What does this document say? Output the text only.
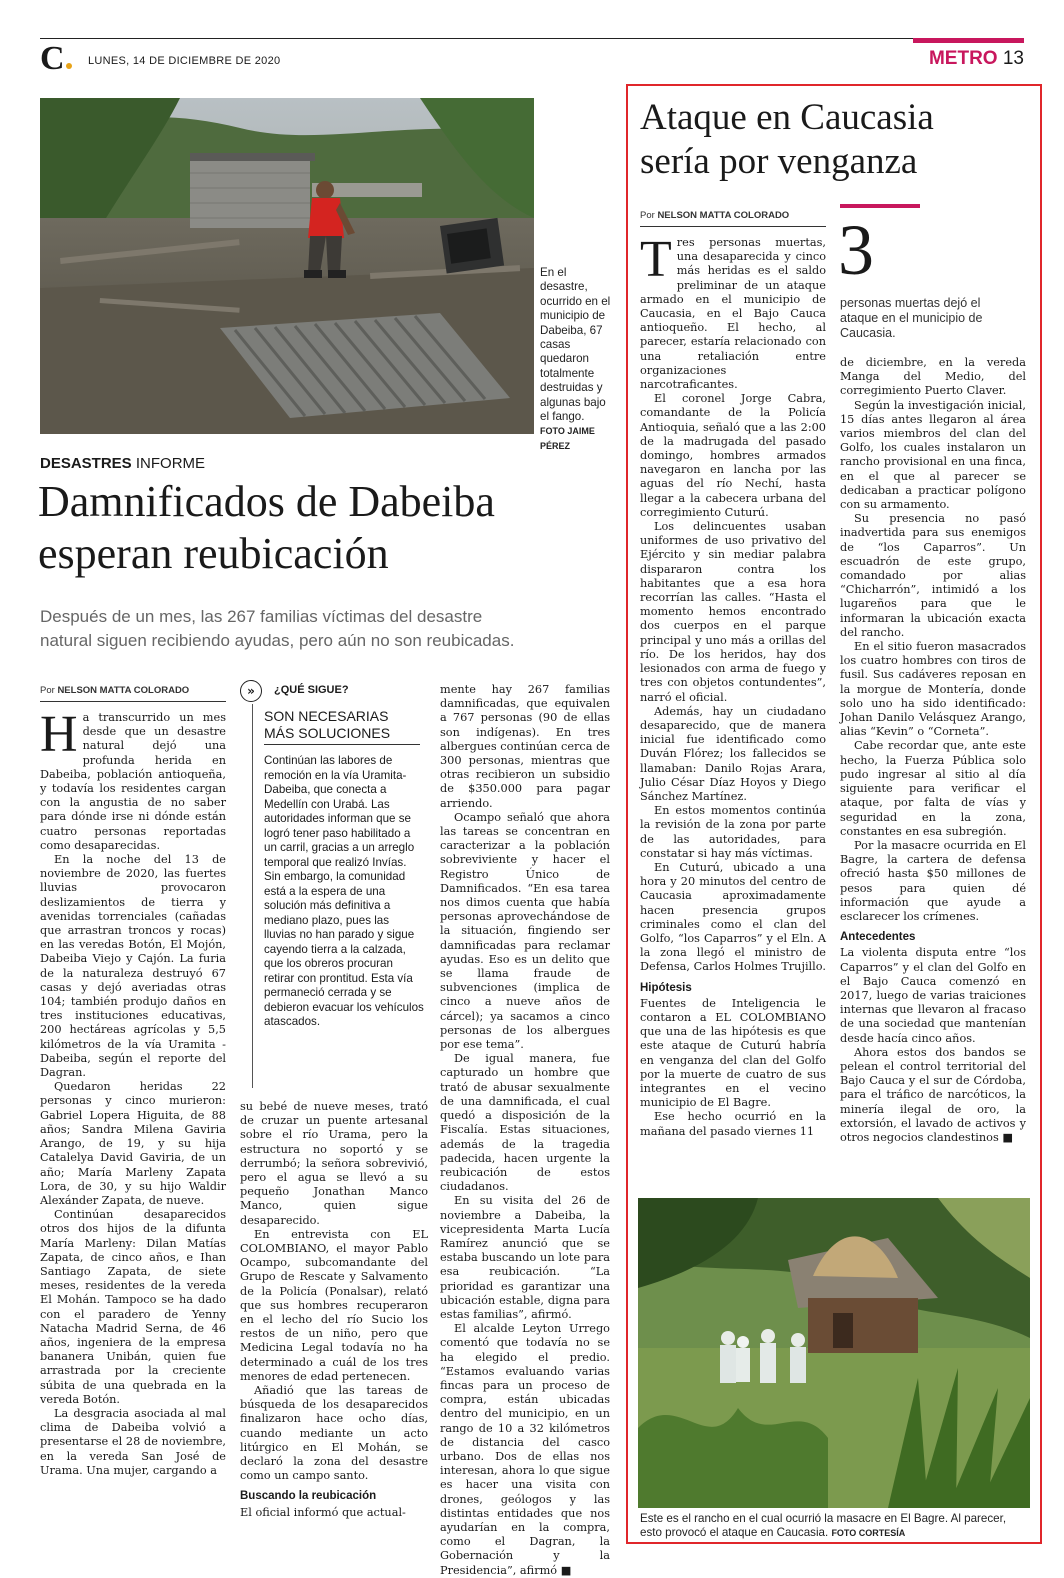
C	LUNES, 14 DE DICIEMBRE DE 2020	METRO 13
En el desastre, ocurrido en el municipio de Dabeiba, 67 casas quedaron totalmente destruidas y algunas bajo el fango. FOTO JAIME PÉREZ
DESASTRES INFORME
Damnificados de Dabeiba
esperan reubicación
Después de un mes, las 267 familias víctimas del desastre
natural siguen recibiendo ayudas, pero aún no son reubicadas.
Por NELSON MATTA COLORADO

Ha transcurrido un mes desde que un desastre natural dejó una profunda herida en Dabeiba, población antioqueña, y todavía los residentes cargan con la angustia de no saber para dónde irse ni dónde están cuatro personas reportadas como desaparecidas.

En la noche del 13 de noviembre de 2020, las fuertes lluvias provocaron deslizamientos de tierra y avenidas torrenciales (cañadas que arrastran troncos y rocas) en las veredas Botón, El Mojón, Dabeiba Viejo y Cajón. La furia de la naturaleza destruyó 67 casas y dejó averiadas otras 104; también produjo daños en tres instituciones educativas, 200 hectáreas agrícolas y 5,5 kilómetros de la vía Uramita - Dabeiba, según el reporte del Dagran.

Quedaron heridas 22 personas y cinco murieron: Gabriel Lopera Higuita, de 88 años; Sandra Milena Gaviria Arango, de 19, y su hija Catalelya David Gaviria, de un año; María Marleny Zapata Lora, de 30, y su hijo Waldir Alexánder Zapata, de nueve.

Continúan desaparecidos otros dos hijos de la difunta María Marleny: Dilan Matías Zapata, de cinco años, e Ihan Santiago Zapata, de siete meses, residentes de la vereda El Mohán. Tampoco se ha dado con el paradero de Yenny Natacha Madrid Serna, de 46 años, ingeniera de la empresa bananera Unibán, quien fue arrastrada por la creciente súbita de una quebrada en la vereda Botón.

La desgracia asociada al mal clima de Dabeiba volvió a presentarse el 28 de noviembre, en la vereda San José de Urama. Una mujer, cargando a

»	¿QUÉ SIGUE?
SON NECESARIAS
MÁS SOLUCIONES
Continúan las labores de remoción en la vía Uramita-Dabeiba, que conecta a Medellín con Urabá. Las autoridades informan que se logró tener paso habilitado a un carril, gracias a un arreglo temporal que realizó Invías. Sin embargo, la comunidad está a la espera de una solución más definitiva a mediano plazo, pues las lluvias no han parado y sigue cayendo tierra a la calzada, que los obreros procuran retirar con prontitud. Esta vía permaneció cerrada y se debieron evacuar los vehículos atascados.

su bebé de nueve meses, trató de cruzar un puente artesanal sobre el río Urama, pero la estructura no soportó y se derrumbó; la señora sobrevivió, pero el agua se llevó a su pequeño Jonathan Manco Manco, quien sigue desaparecido.

En entrevista con EL COLOMBIANO, el mayor Pablo Ocampo, subcomandante del Grupo de Rescate y Salvamento de la Policía (Ponalsar), relató que sus hombres recuperaron en el lecho del río Sucio los restos de un niño, pero que Medicina Legal todavía no ha determinado a cuál de los tres menores de edad pertenecen.

Añadió que las tareas de búsqueda de los desaparecidos finalizaron hace ocho días, cuando mediante un acto litúrgico en El Mohán, se declaró la zona del desastre como un campo santo.

Buscando la reubicación

El oficial informó que actual-

mente hay 267 familias damnificadas, que equivalen a 767 personas (90 de ellas son indígenas). En tres albergues continúan cerca de 300 personas, mientras que otras recibieron un subsidio de $350.000 para pagar arriendo.

Ocampo señaló que ahora las tareas se concentran en caracterizar a la población sobreviviente y hacer el Registro Único de Damnificados. “En esa tarea nos dimos cuenta que había personas aprovechándose de la situación, fingiendo ser damnificadas para reclamar ayudas. Eso es un delito que se llama fraude de subvenciones (implica de cinco a nueve años de cárcel); ya sacamos a cinco personas de los albergues por ese tema”.

De igual manera, fue capturado un hombre que trató de abusar sexualmente de una damnificada, el cual quedó a disposición de la Fiscalía. Estas situaciones, además de la tragedia padecida, hacen urgente la reubicación de estos ciudadanos.

En su visita del 26 de noviembre a Dabeiba, la vicepresidenta Marta Lucía Ramírez anunció que se estaba buscando un lote para esa reubicación. “La prioridad es garantizar una ubicación estable, digna para estas familias”, afirmó.

El alcalde Leyton Urrego comentó que todavía no se ha elegido el predio. “Estamos evaluando varias fincas para un proceso de compra, están ubicadas dentro del municipio, en un rango de 10 a 32 kilómetros de distancia del casco urbano. Dos de ellas nos interesan, ahora lo que sigue es hacer una visita con drones, geólogos y las distintas entidades que nos ayudarían en la compra, como el Dagran, la Gobernación y la Presidencia”, afirmó ■

Ataque en Caucasia
sería por venganza
Por NELSON MATTA COLORADO 3
personas muertas dejó el ataque en el municipio de Caucasia.

Tres personas muertas, una desaparecida y cinco más heridas es el saldo preliminar de un ataque armado en el municipio de Caucasia, en el Bajo Cauca antioqueño. El hecho, al parecer, estaría relacionado con una retaliación entre organizaciones narcotraficantes.

El coronel Jorge Cabra, comandante de la Policía Antioquia, señaló que a las 2:00 de la madrugada del pasado domingo, hombres armados navegaron en lancha por las aguas del río Nechí, hasta llegar a la cabecera urbana del corregimiento Cuturú.

Los delincuentes usaban uniformes de uso privativo del Ejército y sin mediar palabra dispararon contra los habitantes que a esa hora recorrían las calles. “Hasta el momento hemos encontrado dos cuerpos en el parque principal y uno más a orillas del río. De los heridos, hay dos lesionados con arma de fuego y tres con objetos contundentes”, narró el oficial.

Además, hay un ciudadano desaparecido, que de manera inicial fue identificado como Duván Flórez; los fallecidos se llamaban: Danilo Rojas Arara, Julio César Díaz Hoyos y Diego Sánchez Martínez.

En estos momentos continúa la revisión de la zona por parte de las autoridades, para constatar si hay más víctimas.

En Cuturú, ubicado a una hora y 20 minutos del centro de Caucasia aproximadamente hacen presencia grupos criminales como el clan del Golfo, “los Caparros” y el Eln. A la zona llegó el ministro de Defensa, Carlos Holmes Trujillo.

Hipótesis

Fuentes de Inteligencia le contaron a EL COLOMBIANO que una de las hipótesis es que este ataque de Cuturú habría en venganza del clan del Golfo por la muerte de cuatro de sus integrantes en el vecino municipio de El Bagre.

Ese hecho ocurrió en la mañana del pasado viernes 11

de diciembre, en la vereda Manga del Medio, del corregimiento Puerto Claver.

Según la investigación inicial, 15 días antes llegaron al área varios miembros del clan del Golfo, los cuales instalaron un rancho provisional en una finca, en el que al parecer se dedicaban a practicar polígono con su armamento.

Su presencia no pasó inadvertida para sus enemigos de “los Caparros”. Un escuadrón de este grupo, comandado por alias “Chicharrón”, intimidó a los lugareños para que le informaran la ubicación exacta del rancho.

En el sitio fueron masacrados los cuatro hombres con tiros de fusil. Sus cadáveres reposan en la morgue de Montería, donde solo uno ha sido identificado: Johan Danilo Velásquez Arango, alias “Kevin” o “Corneta”.

Cabe recordar que, ante este hecho, la Fuerza Pública solo pudo ingresar al sitio al día siguiente para verificar el ataque, por falta de vías y seguridad en la zona, constantes en esa subregión.

Por la masacre ocurrida en El Bagre, la cartera de defensa ofreció hasta $50 millones de pesos para quien dé información que ayude a esclarecer los crímenes.

Antecedentes

La violenta disputa entre “los Caparros” y el clan del Golfo en el Bajo Cauca comenzó en 2017, luego de varias traiciones internas que llevaron al fracaso de una sociedad que mantenían desde hacía cinco años.

Ahora estos dos bandos se pelean el control territorial del Bajo Cauca y el sur de Córdoba, para el tráfico de narcóticos, la minería ilegal de oro, la extorsión, el lavado de activos y otros negocios clandestinos ■

Este es el rancho en el cual ocurrió la masacre en El Bagre. Al parecer, esto provocó el ataque en Caucasia. FOTO CORTESÍA
